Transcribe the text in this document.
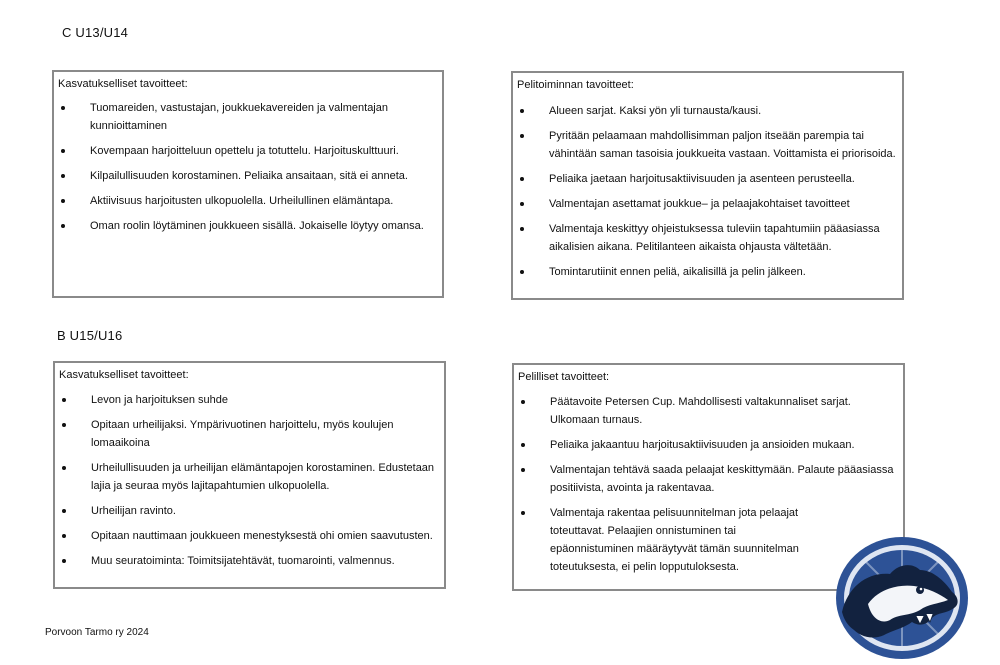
C U13/U14
Kasvatukselliset tavoitteet:
Tuomareiden, vastustajan, joukkuekavereiden ja valmentajan kunnioittaminen
Kovempaan harjoitteluun opettelu ja totuttelu. Harjoituskulttuuri.
Kilpailullisuuden korostaminen. Peliaika ansaitaan, sitä ei anneta.
Aktiivisuus harjoitusten ulkopuolella. Urheilullinen elämäntapa.
Oman roolin löytäminen joukkueen sisällä. Jokaiselle löytyy omansa.
Pelitoiminnan tavoitteet:
Alueen sarjat. Kaksi yön yli turnausta/kausi.
Pyritään pelaamaan mahdollisimman paljon itseään parempia tai vähintään saman tasoisia joukkueita vastaan. Voittamista ei priorisoida.
Peliaika jaetaan harjoitusaktiivisuuden ja asenteen perusteella.
Valmentajan asettamat joukkue– ja pelaajakohtaiset tavoitteet
Valmentaja keskittyy ohjeistuksessa tuleviin tapahtumiin pääasiassa aikalisien aikana. Pelitilanteen aikaista ohjausta vältetään.
Tomintarutiinit ennen peliä, aikalisillä ja pelin jälkeen.
B U15/U16
Kasvatukselliset tavoitteet:
Levon ja harjoituksen suhde
Opitaan urheilijaksi. Ympärivuotinen harjoittelu, myös koulujen lomaaikoina
Urheilullisuuden ja urheilijan elämäntapojen korostaminen. Edustetaan lajia ja seuraa myös lajitapahtumien ulkopuolella.
Urheilijan ravinto.
Opitaan nauttimaan joukkueen menestyksestä ohi omien saavutusten.
Muu seuratoiminta: Toimitsijatehtävät, tuomarointi, valmennus.
Pelilliset tavoitteet:
Päätavoite Petersen Cup. Mahdollisesti valtakunnaliset sarjat. Ulkomaan turnaus.
Peliaika jakaantuu harjoitusaktiivisuuden ja ansioiden mukaan.
Valmentajan tehtävä saada pelaajat keskittymään. Palaute pääasiassa positiivista, avointa ja rakentavaa.
Valmentaja rakentaa pelisuunnitelman jota pelaajat toteuttavat. Pelaajien onnistuminen tai epäonnistuminen määräytyvät tämän suunnitelman toteutuksesta, ei pelin lopputuloksesta.
Porvoon Tarmo ry 2024
